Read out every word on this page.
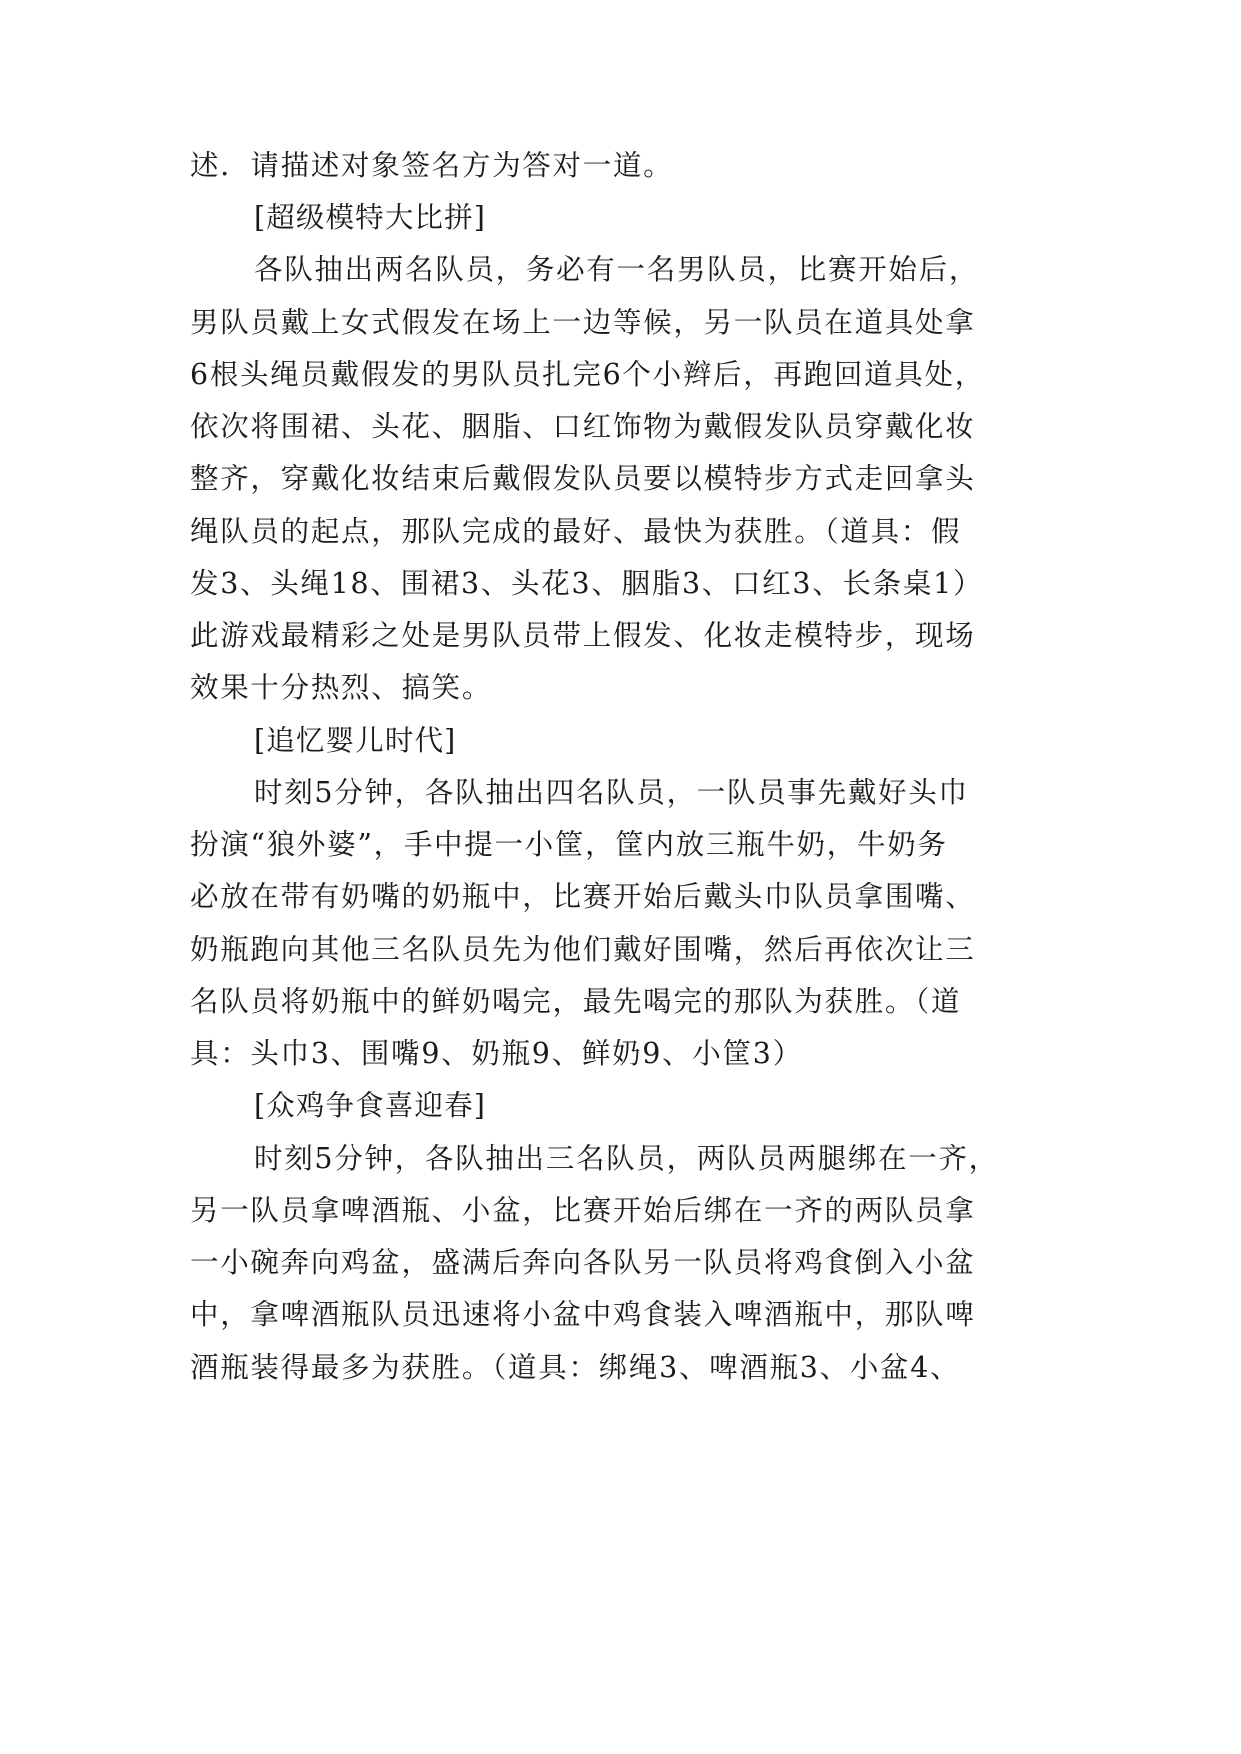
述．请描述对象签名方为答对一道。
[超级模特大比拼]
各队抽出两名队员，务必有一名男队员，比赛开始后，
男队员戴上女式假发在场上一边等候，另一队员在道具处拿
6根头绳员戴假发的男队员扎完6个小辫后，再跑回道具处，
依次将围裙、头花、胭脂、口红饰物为戴假发队员穿戴化妆
整齐，穿戴化妆结束后戴假发队员要以模特步方式走回拿头
绳队员的起点，那队完成的最好、最快为获胜。（道具：假
发3、头绳18、围裙3、头花3、胭脂3、口红3、长条桌1）
此游戏最精彩之处是男队员带上假发、化妆走模特步，现场
效果十分热烈、搞笑。
[追忆婴儿时代]
时刻5分钟，各队抽出四名队员，一队员事先戴好头巾
扮演“狼外婆”，手中提一小筐，筐内放三瓶牛奶，牛奶务
必放在带有奶嘴的奶瓶中，比赛开始后戴头巾队员拿围嘴、
奶瓶跑向其他三名队员先为他们戴好围嘴，然后再依次让三
名队员将奶瓶中的鲜奶喝完，最先喝完的那队为获胜。（道
具：头巾3、围嘴9、奶瓶9、鲜奶9、小筐3）
[众鸡争食喜迎春]
时刻5分钟，各队抽出三名队员，两队员两腿绑在一齐，
另一队员拿啤酒瓶、小盆，比赛开始后绑在一齐的两队员拿
一小碗奔向鸡盆，盛满后奔向各队另一队员将鸡食倒入小盆
中，拿啤酒瓶队员迅速将小盆中鸡食装入啤酒瓶中，那队啤
酒瓶装得最多为获胜。（道具：绑绳3、啤酒瓶3、小盆4、
